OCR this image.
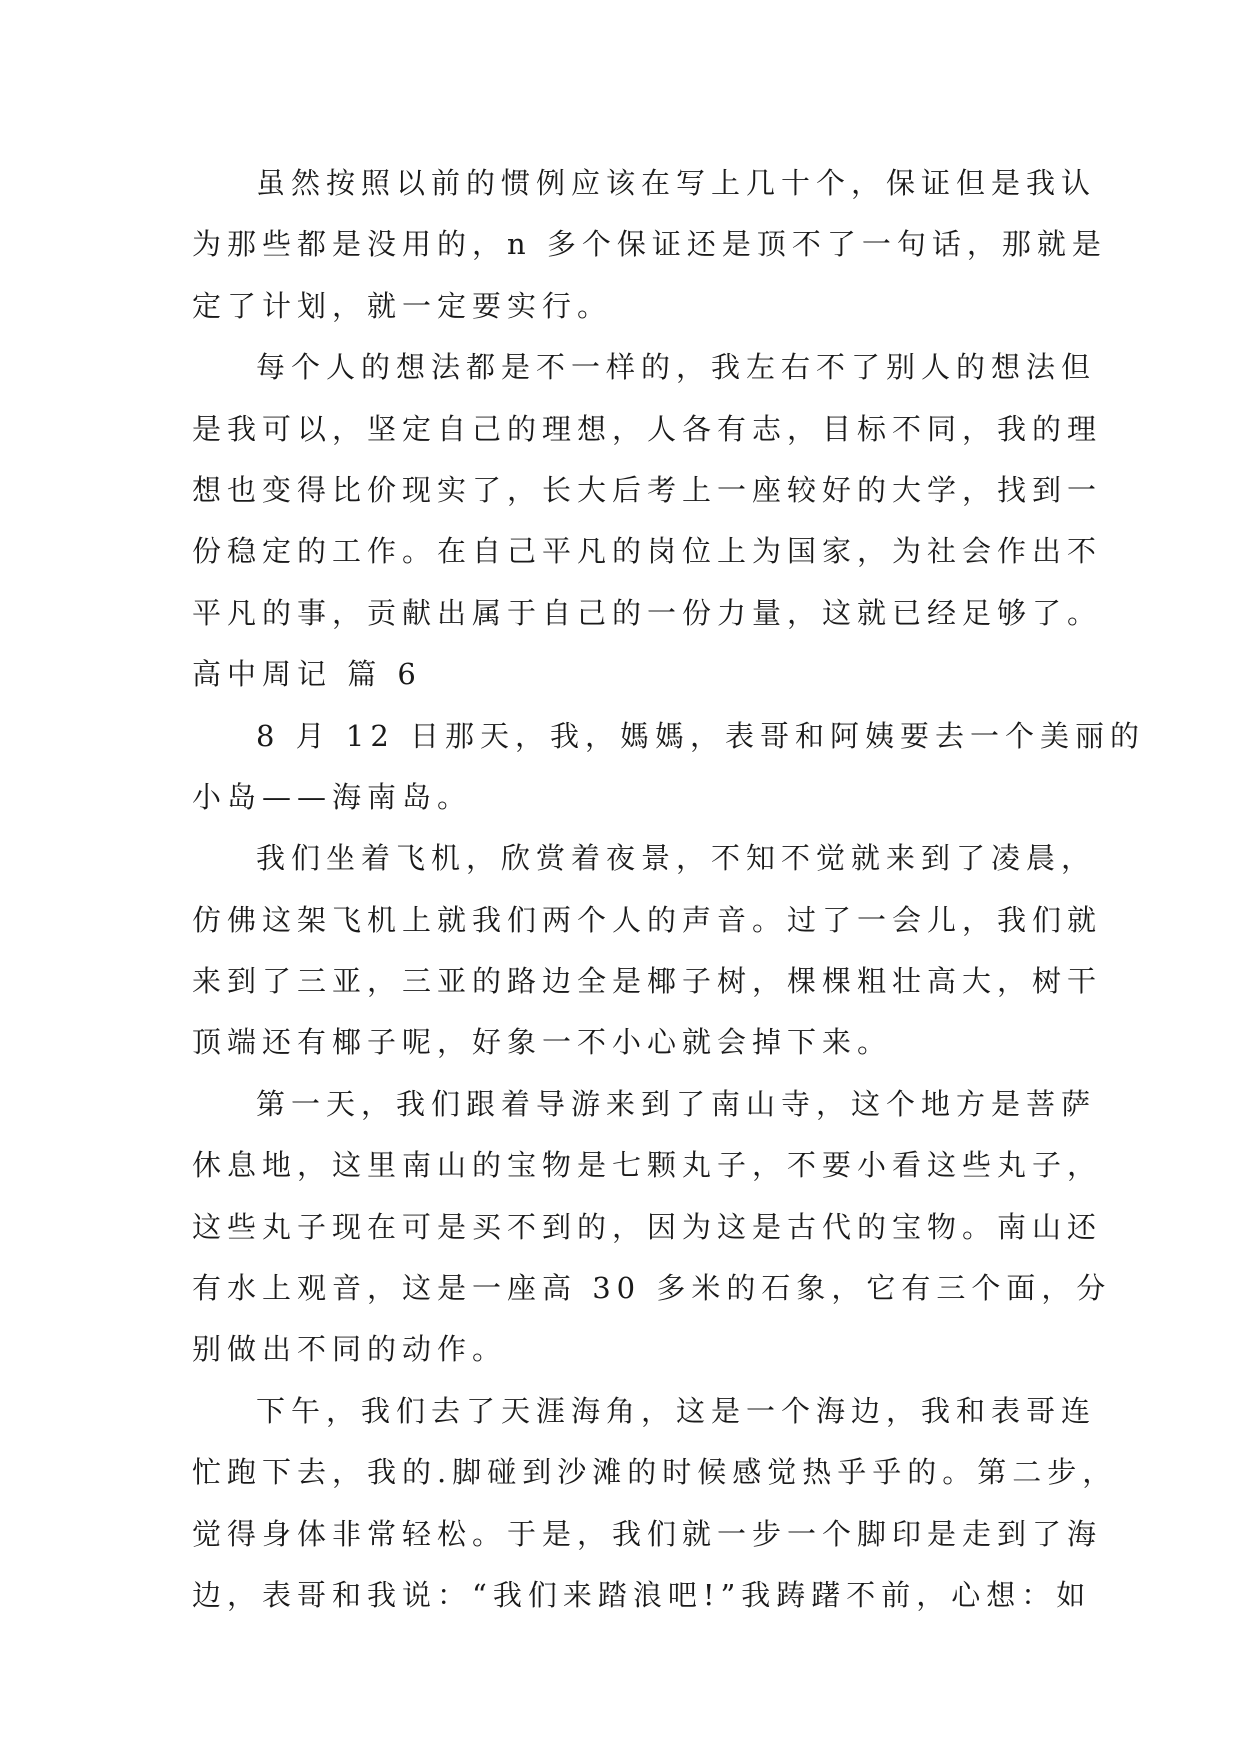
虽然按照以前的惯例应该在写上几十个，保证但是我认
为那些都是没用的，n 多个保证还是顶不了一句话，那就是
定了计划，就一定要实行。
每个人的想法都是不一样的，我左右不了别人的想法但
是我可以，坚定自己的理想，人各有志，目标不同，我的理
想也变得比价现实了，长大后考上一座较好的大学，找到一
份稳定的工作。在自己平凡的岗位上为国家，为社会作出不
平凡的事，贡献出属于自己的一份力量，这就已经足够了。
高中周记 篇 6
8 月 12 日那天，我，媽媽，表哥和阿姨要去一个美丽的
小岛——海南岛。
我们坐着飞机，欣赏着夜景，不知不觉就来到了凌晨，
仿佛这架飞机上就我们两个人的声音。过了一会儿，我们就
来到了三亚，三亚的路边全是椰子树，棵棵粗壮高大，树干
顶端还有椰子呢，好象一不小心就会掉下来。
第一天，我们跟着导游来到了南山寺，这个地方是菩萨
休息地，这里南山的宝物是七颗丸子，不要小看这些丸子，
这些丸子现在可是买不到的，因为这是古代的宝物。南山还
有水上观音，这是一座高 30 多米的石象，它有三个面，分
别做出不同的动作。
下午，我们去了天涯海角，这是一个海边，我和表哥连
忙跑下去，我的.脚碰到沙滩的时候感觉热乎乎的。第二步，
觉得身体非常轻松。于是，我们就一步一个脚印是走到了海
边，表哥和我说：“我们来踏浪吧!”我踌躇不前，心想：如
